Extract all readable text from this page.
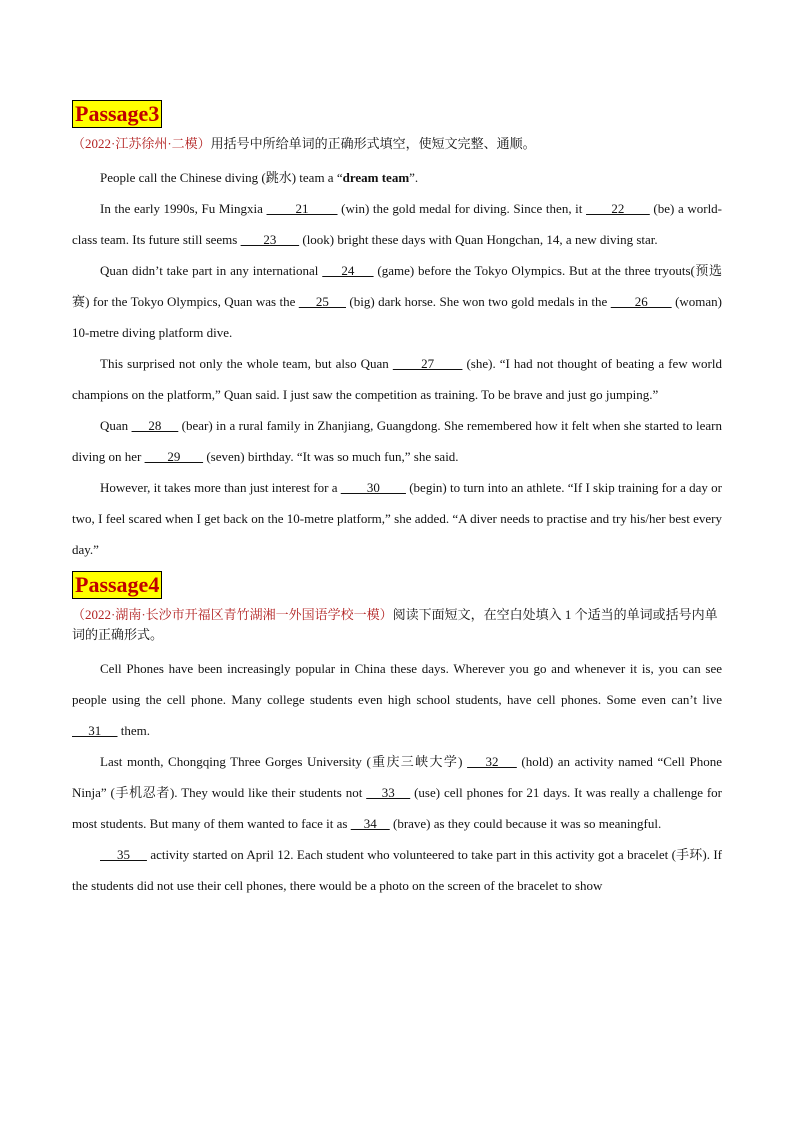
Passage3
（2022·江苏徐州·二模）用括号中所给单词的正确形式填空，使短文完整、通顺。

People call the Chinese diving (跳水) team a “dream team”.

In the early 1990s, Fu Mingxia         21         (win) the gold medal for diving. Since then, it        22        (be) a world-class team. Its future still seems        23        (look) bright these days with Quan Hongchan, 14, a new diving star.

Quan didn’t take part in any international      24      (game) before the Tokyo Olympics. But at the three tryouts(预选赛) for the Tokyo Olympics, Quan was the      25      (big) dark horse. She won two gold medals in the        26        (woman) 10-metre diving platform dive.

This surprised not only the whole team, but also Quan        27        (she). “I had not thought of beating a few world champions on the platform,” Quan said. I just saw the competition as training. To be brave and just go jumping.”

Quan      28      (bear) in a rural family in Zhanjiang, Guangdong. She remembered how it felt when she started to learn diving on her        29        (seven) birthday. “It was so much fun,” she said.

However, it takes more than just interest for a         30         (begin) to turn into an athlete. “If I skip training for a day or two, I feel scared when I get back on the 10-metre platform,” she added. “A diver needs to practise and try his/her best every day.”

Passage4
（2022·湖南·长沙市开福区青竹湖湘一外国语学校一模）阅读下面短文，在空白处填入 1 个适当的单词或括号内单词的正确形式。

Cell Phones have been increasingly popular in China these days. Wherever you go and whenever it is, you can see people using the cell phone. Many college students even high school students, have cell phones. Some even can’t live      31      them.

Last month, Chongqing Three Gorges University (重庆三峡大学)     32     (hold) an activity named “Cell Phone Ninja” (手机忍者). They would like their students not     33     (use) cell phones for 21 days. It was really a challenge for most students. But many of them wanted to face it as     34     (brave) as they could because it was so meaningful.

35      activity started on April 12. Each student who volunteered to take part in this activity got a bracelet (手环). If the students did not use their cell phones, there would be a photo on the screen of the bracelet to show
